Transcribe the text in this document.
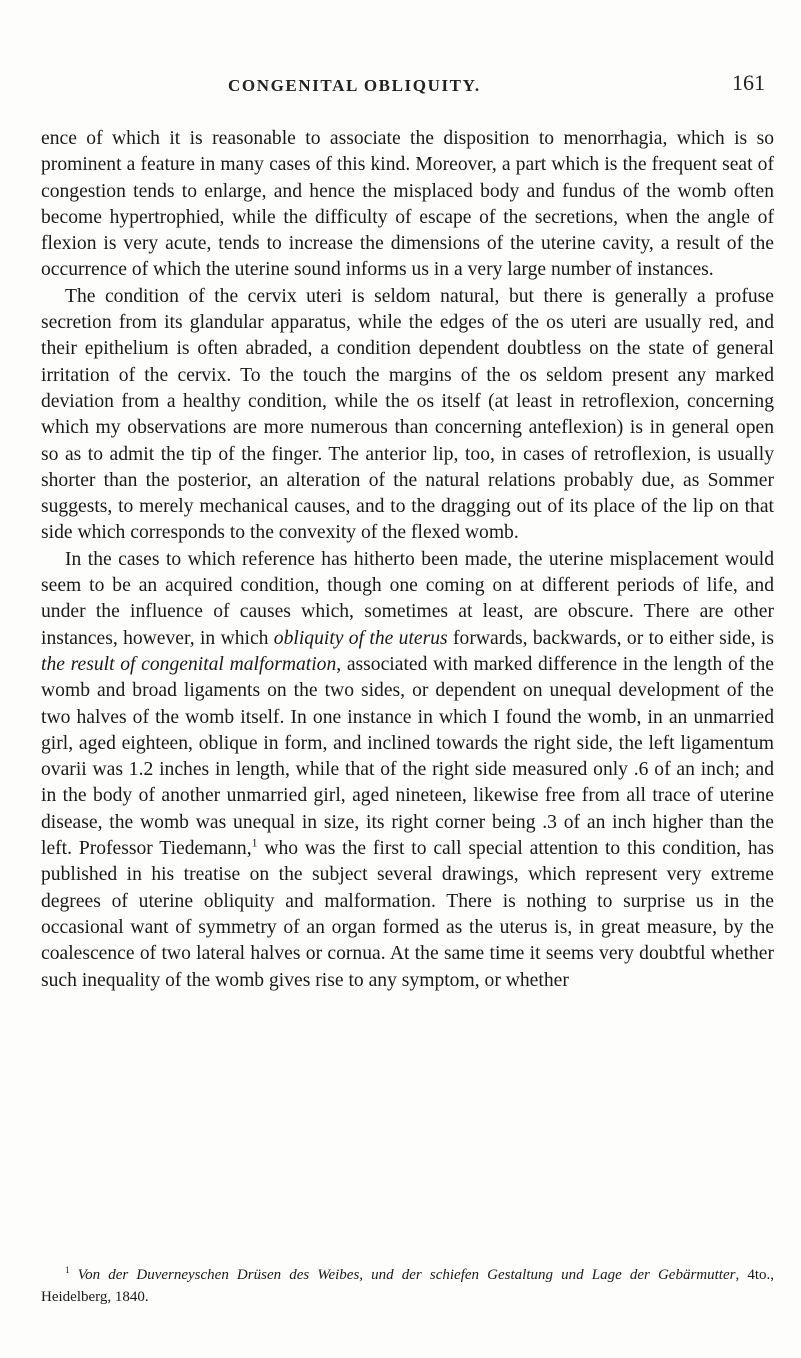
CONGENITAL OBLIQUITY.	161

ence of which it is reasonable to associate the disposition to menorrhagia, which is so prominent a feature in many cases of this kind. Moreover, a part which is the frequent seat of congestion tends to enlarge, and hence the misplaced body and fundus of the womb often become hypertrophied, while the difficulty of escape of the secretions, when the angle of flexion is very acute, tends to increase the dimensions of the uterine cavity, a result of the occurrence of which the uterine sound informs us in a very large number of instances.

The condition of the cervix uteri is seldom natural, but there is generally a profuse secretion from its glandular apparatus, while the edges of the os uteri are usually red, and their epithelium is often abraded, a condition dependent doubtless on the state of general irritation of the cervix. To the touch the margins of the os seldom present any marked deviation from a healthy condition, while the os itself (at least in retroflexion, concerning which my observations are more numerous than concerning anteflexion) is in general open so as to admit the tip of the finger. The anterior lip, too, in cases of retroflexion, is usually shorter than the posterior, an alteration of the natural relations probably due, as Sommer suggests, to merely mechanical causes, and to the dragging out of its place of the lip on that side which corresponds to the convexity of the flexed womb.

In the cases to which reference has hitherto been made, the uterine misplacement would seem to be an acquired condition, though one coming on at different periods of life, and under the influence of causes which, sometimes at least, are obscure. There are other instances, however, in which obliquity of the uterus forwards, backwards, or to either side, is the result of congenital malformation, associated with marked difference in the length of the womb and broad ligaments on the two sides, or dependent on unequal development of the two halves of the womb itself. In one instance in which I found the womb, in an unmarried girl, aged eighteen, oblique in form, and inclined towards the right side, the left ligamentum ovarii was 1.2 inches in length, while that of the right side measured only .6 of an inch; and in the body of another unmarried girl, aged nineteen, likewise free from all trace of uterine disease, the womb was unequal in size, its right corner being .3 of an inch higher than the left. Professor Tiedemann,$^1$ who was the first to call special attention to this condition, has published in his treatise on the subject several drawings, which represent very extreme degrees of uterine obliquity and malformation. There is nothing to surprise us in the occasional want of symmetry of an organ formed as the uterus is, in great measure, by the coalescence of two lateral halves or cornua. At the same time it seems very doubtful whether such inequality of the womb gives rise to any symptom, or whether

$^1$ Von der Duverneyschen Drüsen des Weibes, und der schiefen Gestaltung und Lage der Gebärmutter, 4to., Heidelberg, 1840.
